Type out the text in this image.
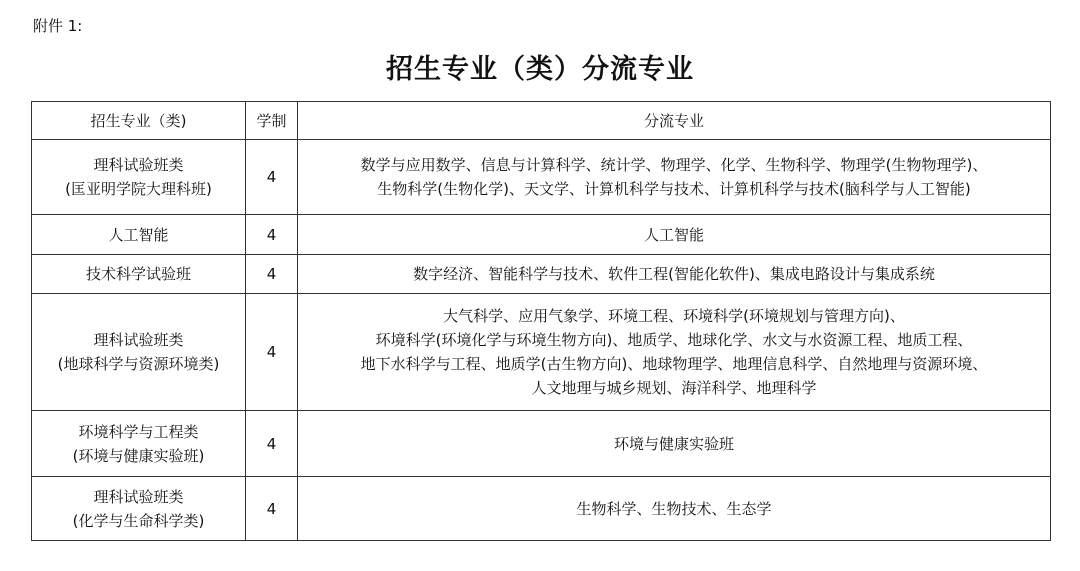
附件 1:
招生专业（类）分流专业
招生专业（类)	学制	分流专业

理科试验班类
(匡亚明学院大理科班)	4	数学与应用数学、信息与计算科学、统计学、物理学、化学、生物科学、物理学(生物物理学)、
生物科学(生物化学)、天文学、计算机科学与技术、计算机科学与技术(脑科学与人工智能)

人工智能	4	人工智能

技术科学试验班	4	数字经济、智能科学与技术、软件工程(智能化软件)、集成电路设计与集成系统

理科试验班类
(地球科学与资源环境类)	4	大气科学、应用气象学、环境工程、环境科学(环境规划与管理方向)、
环境科学(环境化学与环境生物方向)、地质学、地球化学、水文与水资源工程、地质工程、
地下水科学与工程、地质学(古生物方向)、地球物理学、地理信息科学、自然地理与资源环境、
人文地理与城乡规划、海洋科学、地理科学

环境科学与工程类
(环境与健康实验班)	4	环境与健康实验班

理科试验班类
(化学与生命科学类)	4	生物科学、生物技术、生态学
